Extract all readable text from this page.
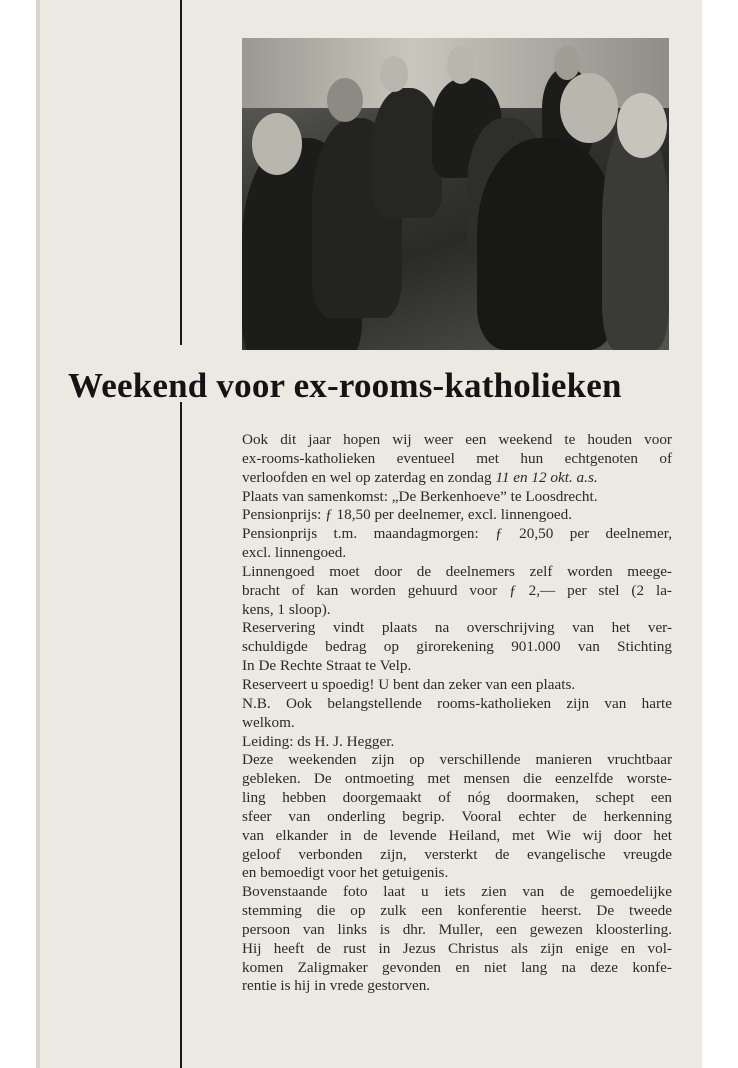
Weekend voor ex-rooms-katholieken
Ook dit jaar hopen wij weer een weekend te houden voor
ex-rooms-katholieken eventueel met hun echtgenoten of
verloofden en wel op zaterdag en zondag 11 en 12 okt. a.s.
Plaats van samenkomst: „De Berkenhoeve” te Loosdrecht.
Pensionprijs: ƒ 18,50 per deelnemer, excl. linnengoed.
Pensionprijs t.m. maandagmorgen: ƒ 20,50 per deelnemer,
excl. linnengoed.
Linnengoed moet door de deelnemers zelf worden meege-
bracht of kan worden gehuurd voor ƒ 2,— per stel (2 la-
kens, 1 sloop).
Reservering vindt plaats na overschrijving van het ver-
schuldigde bedrag op girorekening 901.000 van Stichting
In De Rechte Straat te Velp.
Reserveert u spoedig! U bent dan zeker van een plaats.
N.B. Ook belangstellende rooms-katholieken zijn van harte
welkom.
Leiding: ds H. J. Hegger.
Deze weekenden zijn op verschillende manieren vruchtbaar
gebleken. De ontmoeting met mensen die eenzelfde worste-
ling hebben doorgemaakt of nóg doormaken, schept een
sfeer van onderling begrip. Vooral echter de herkenning
van elkander in de levende Heiland, met Wie wij door het
geloof verbonden zijn, versterkt de evangelische vreugde
en bemoedigt voor het getuigenis.
Bovenstaande foto laat u iets zien van de gemoedelijke
stemming die op zulk een konferentie heerst. De tweede
persoon van links is dhr. Muller, een gewezen kloosterling.
Hij heeft de rust in Jezus Christus als zijn enige en vol-
komen Zaligmaker gevonden en niet lang na deze konfe-
rentie is hij in vrede gestorven.
